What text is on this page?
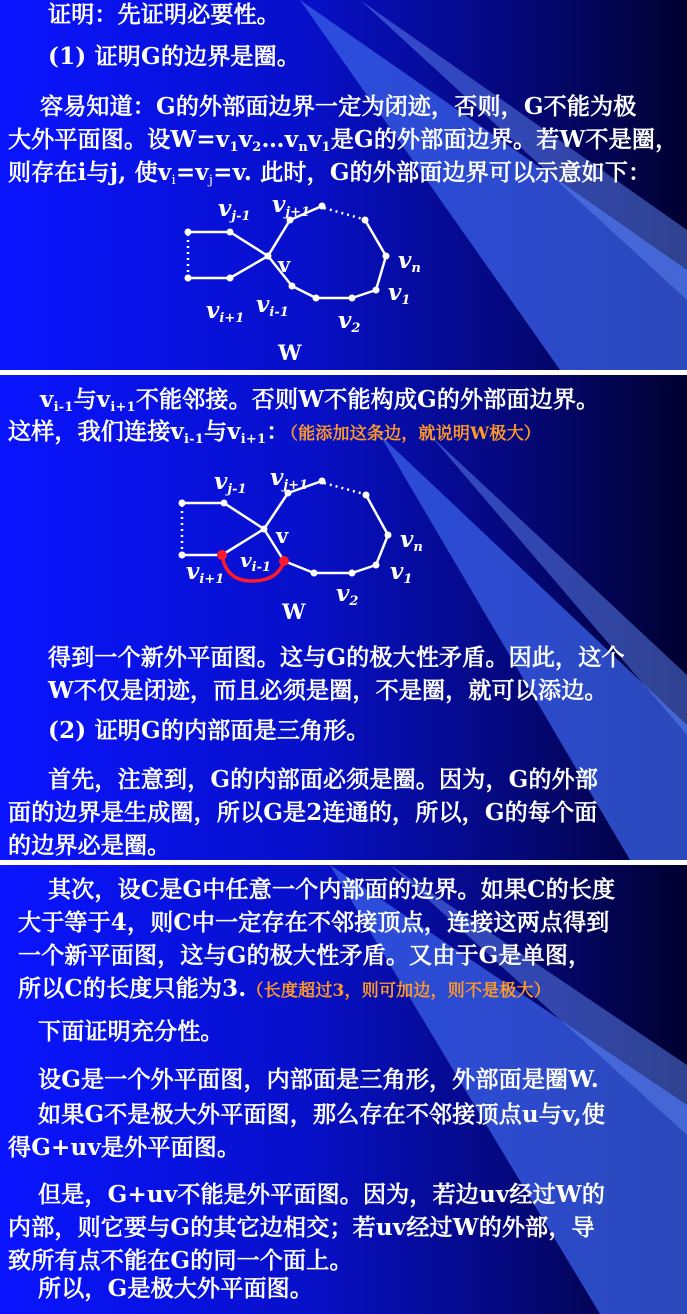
证明：先证明必要性。
(1) 证明G的边界是圈。
容易知道：G的外部面边界一定为闭迹，否则，G不能为极
大外平面图。设$W=v_1v_2\dots v_nv_1$是G的外部面边界。若W不是圈，
则存在i与j, 使$v_i=v_j=v$. 此时，G的外部面边界可以示意如下：
vj-1 vj+1
v	vn
v1
vi+1
vi-1 v2
W
$v_{i-1}$与$v_{i+1}$不能邻接。否则W不能构成G的外部面边界。
这样，我们连接$v_{i-1}$与$v_{i+1}$：（能添加这条边，就说明W极大）
vj-1 vj+1
v	vn
v1
vi+1
$v_{i-1}$
v2
W
得到一个新外平面图。这与G的极大性矛盾。因此，这个
W不仅是闭迹，而且必须是圈，不是圈，就可以添边。
(2) 证明G的内部面是三角形。
首先，注意到，G的内部面必须是圈。因为，G的外部
面的边界是生成圈，所以G是2连通的，所以，G的每个面
的边界必是圈。
其次，设C是G中任意一个内部面的边界。如果C的长度
大于等于4，则C中一定存在不邻接顶点，连接这两点得到
一个新平面图，这与G的极大性矛盾。又由于G是单图，
所以C的长度只能为3.（长度超过3，则可加边，则不是极大）
下面证明充分性。
设G是一个外平面图，内部面是三角形，外部面是圈W.
如果G不是极大外平面图，那么存在不邻接顶点u与v,使
得G+uv是外平面图。
但是，G+uv不能是外平面图。因为，若边uv经过W的
内部，则它要与G的其它边相交；若uv经过W的外部，导
致所有点不能在G的同一个面上。
所以，G是极大外平面图。
